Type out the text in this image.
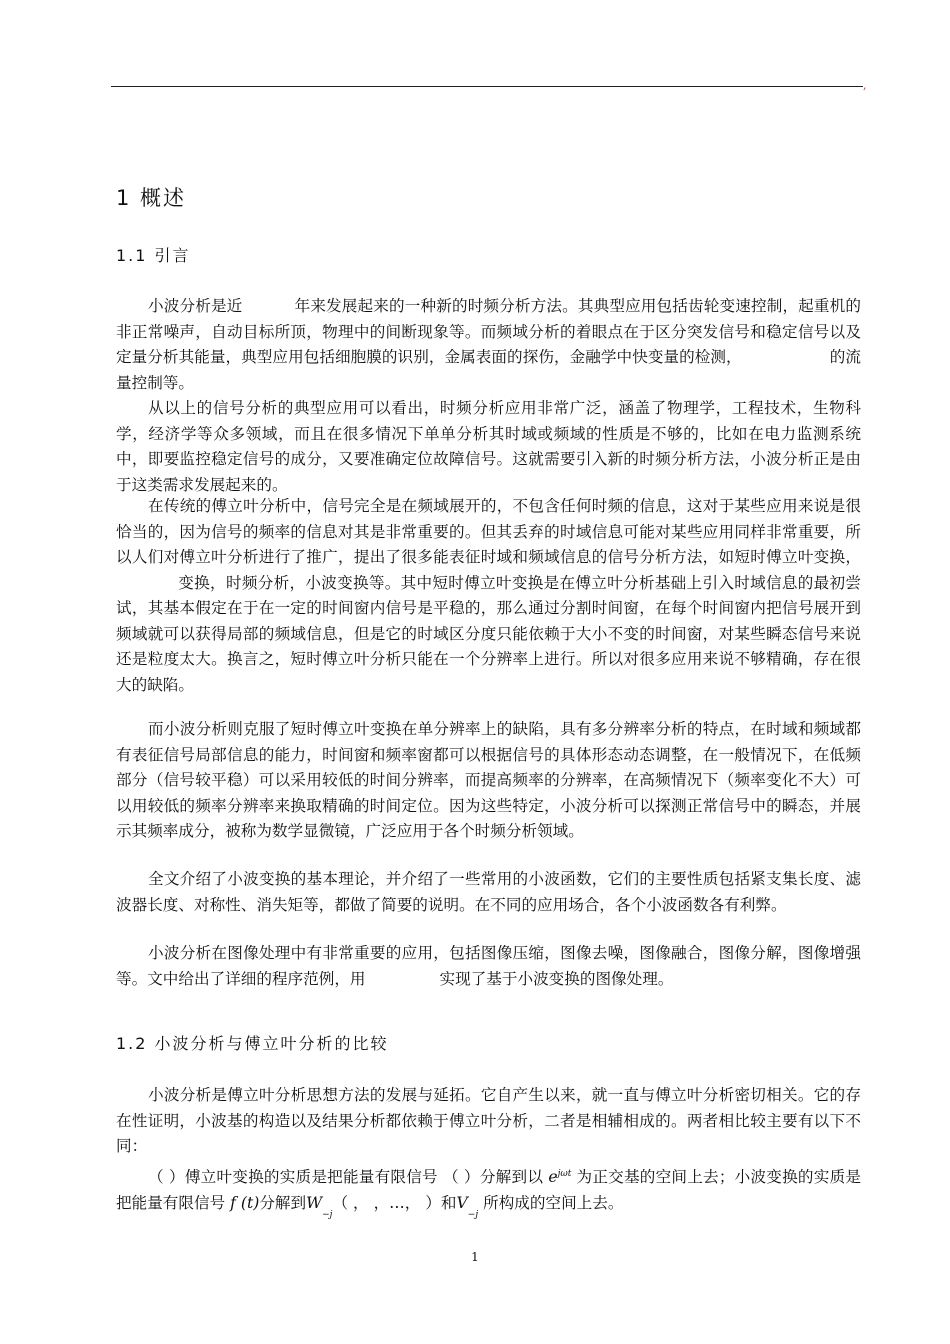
,
1 概述
1.1 引言

小波分析是近	年来发展起来的一种新的时频分析方法。其典型应用包括齿轮变速控制，起重机的非正常噪声，自动目标所顶，物理中的间断现象等。而频域分析的着眼点在于区分突发信号和稳定信号以及定量分析其能量，典型应用包括细胞膜的识别，金属表面的探伤，金融学中快变量的检测，	的流量控制等。

从以上的信号分析的典型应用可以看出，时频分析应用非常广泛，涵盖了物理学，工程技术，生物科学，经济学等众多领域，而且在很多情况下单单分析其时域或频域的性质是不够的，比如在电力监测系统中，即要监控稳定信号的成分，又要准确定位故障信号。这就需要引入新的时频分析方法，小波分析正是由于这类需求发展起来的。

在传统的傅立叶分析中，信号完全是在频域展开的，不包含任何时频的信息，这对于某些应用来说是很恰当的，因为信号的频率的信息对其是非常重要的。但其丢弃的时域信息可能对某些应用同样非常重要，所以人们对傅立叶分析进行了推广，提出了很多能表征时域和频域信息的信号分析方法，如短时傅立叶变换，变换，时频分析，小波变换等。其中短时傅立叶变换是在傅立叶分析基础上引入时域信息的最初尝试，其基本假定在于在一定的时间窗内信号是平稳的，那么通过分割时间窗，在每个时间窗内把信号展开到频域就可以获得局部的频域信息，但是它的时域区分度只能依赖于大小不变的时间窗，对某些瞬态信号来说还是粒度太大。换言之，短时傅立叶分析只能在一个分辨率上进行。所以对很多应用来说不够精确，存在很大的缺陷。

而小波分析则克服了短时傅立叶变换在单分辨率上的缺陷，具有多分辨率分析的特点，在时域和频域都有表征信号局部信息的能力，时间窗和频率窗都可以根据信号的具体形态动态调整，在一般情况下，在低频部分（信号较平稳）可以采用较低的时间分辨率，而提高频率的分辨率，在高频情况下（频率变化不大）可以用较低的频率分辨率来换取精确的时间定位。因为这些特定，小波分析可以探测正常信号中的瞬态，并展示其频率成分，被称为数学显微镜，广泛应用于各个时频分析领域。

全文介绍了小波变换的基本理论，并介绍了一些常用的小波函数，它们的主要性质包括紧支集长度、滤波器长度、对称性、消失矩等，都做了简要的说明。在不同的应用场合，各个小波函数各有利弊。

小波分析在图像处理中有非常重要的应用，包括图像压缩，图像去噪，图像融合，图像分解，图像增强等。文中给出了详细的程序范例，用	实现了基于小波变换的图像处理。

1.2 小波分析与傅立叶分析的比较

小波分析是傅立叶分析思想方法的发展与延拓。它自产生以来，就一直与傅立叶分析密切相关。它的存在性证明，小波基的构造以及结果分析都依赖于傅立叶分析，二者是相辅相成的。两者相比较主要有以下不同：

（ ）傅立叶变换的实质是把能量有限信号 （ ）分解到以 $e^{j\omega t}$ 为正交基的空间上去；小波变换的实质是把能量有限信号 f (t)分解到$W_{-j}$（ ， ，…， ）和$V_{-j}$ 所构成的空间上去。

1
